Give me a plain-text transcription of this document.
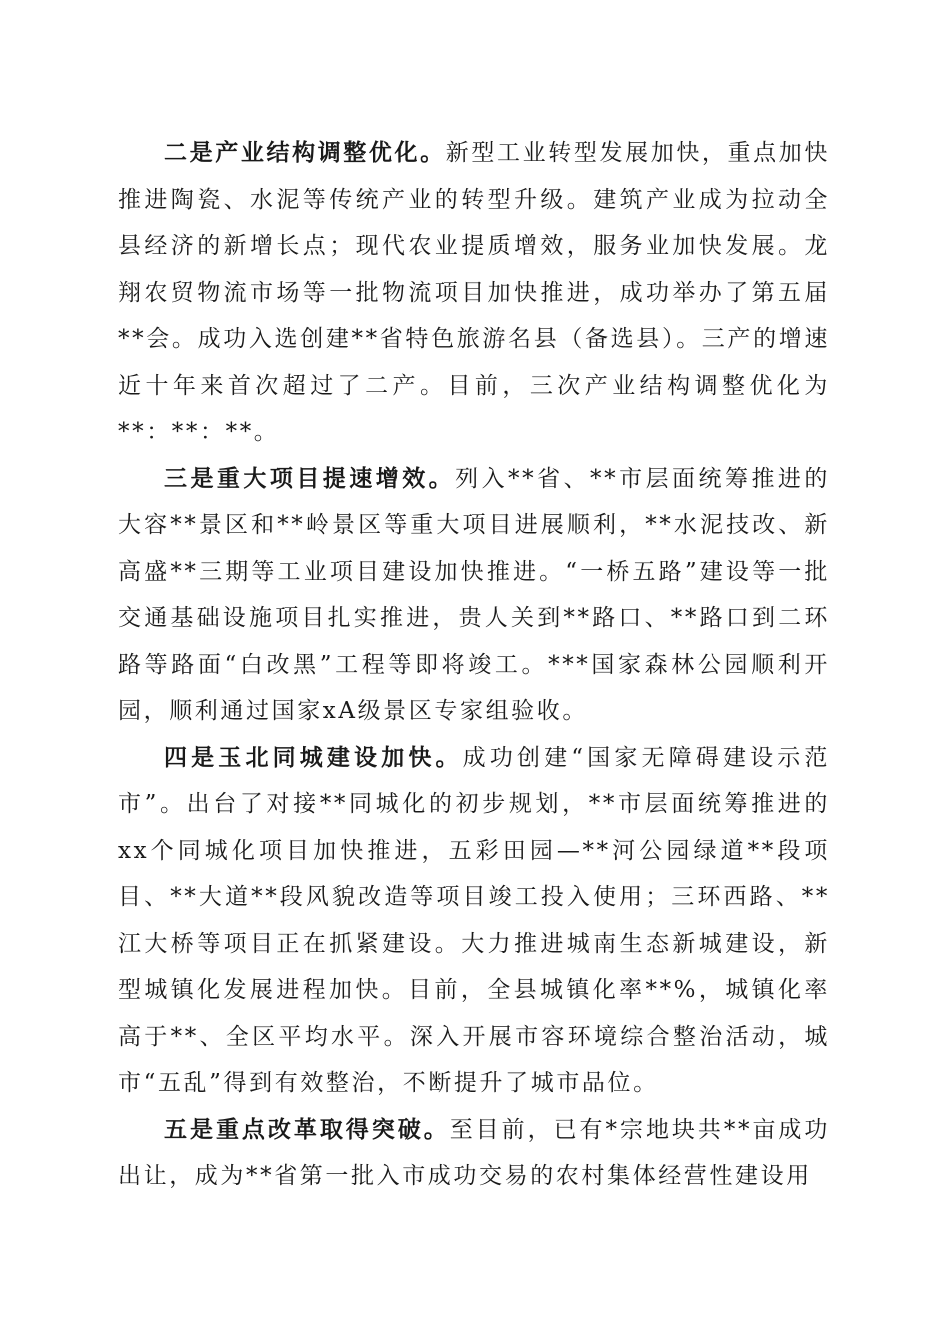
二是产业结构调整优化。新型工业转型发展加快，重点加快推进陶瓷、水泥等传统产业的转型升级。建筑产业成为拉动全县经济的新增长点；现代农业提质增效，服务业加快发展。龙翔农贸物流市场等一批物流项目加快推进，成功举办了第五届**会。成功入选创建**省特色旅游名县（备选县）。三产的增速近十年来首次超过了二产。目前，三次产业结构调整优化为**：**：**。

三是重大项目提速增效。列入**省、**市层面统筹推进的大容**景区和**岭景区等重大项目进展顺利，**水泥技改、新高盛**三期等工业项目建设加快推进。“一桥五路”建设等一批交通基础设施项目扎实推进，贵人关到**路口、**路口到二环路等路面“白改黑”工程等即将竣工。***国家森林公园顺利开园，顺利通过国家xA级景区专家组验收。

四是玉北同城建设加快。成功创建“国家无障碍建设示范市”。出台了对接**同城化的初步规划，**市层面统筹推进的xx个同城化项目加快推进，五彩田园—**河公园绿道**段项目、**大道**段风貌改造等项目竣工投入使用；三环西路、**江大桥等项目正在抓紧建设。大力推进城南生态新城建设，新型城镇化发展进程加快。目前，全县城镇化率**%，城镇化率高于**、全区平均水平。深入开展市容环境综合整治活动，城市“五乱”得到有效整治，不断提升了城市品位。

五是重点改革取得突破。至目前，已有*宗地块共**亩成功出让，成为**省第一批入市成功交易的农村集体经营性建设用
